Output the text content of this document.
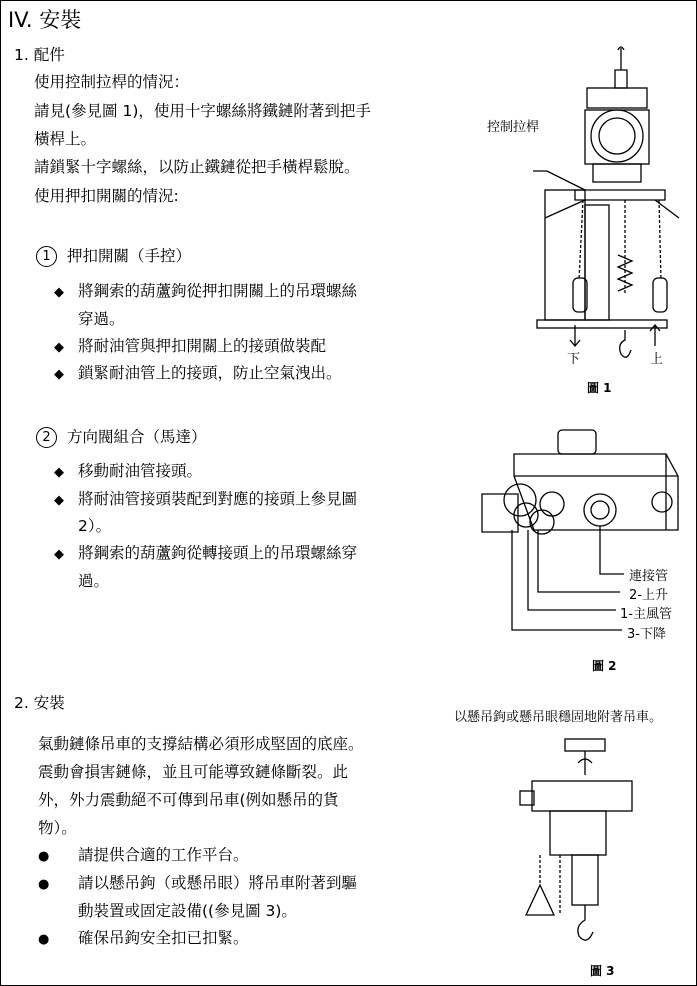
IV. 安裝
1. 配件
使用控制拉桿的情況：
請見(參見圖 1)，使用十字螺絲將鐵鏈附著到把手
橫桿上。
請鎖緊十字螺絲，以防止鐵鏈從把手橫桿鬆脫。
使用押扣開關的情況:
1 押扣開關（手控）
◆ 將鋼索的葫蘆鉤從押扣開關上的吊環螺絲
穿過。
◆ 將耐油管與押扣開關上的接頭做裝配
◆ 鎖緊耐油管上的接頭，防止空氣洩出。
2 方向閥組合（馬達）
◆ 移動耐油管接頭。
◆ 將耐油管接頭裝配到對應的接頭上參見圖
2）。
◆ 將鋼索的葫蘆鉤從轉接頭上的吊環螺絲穿
過。
2. 安裝
氣動鏈條吊車的支撐結構必須形成堅固的底座。
震動會損害鏈條，並且可能導致鏈條斷裂。此
外，外力震動絕不可傳到吊車(例如懸吊的貨
物）。
● 請提供合適的工作平台。
● 請以懸吊鉤（或懸吊眼）將吊車附著到驅
動裝置或固定設備((參見圖 3)。
● 確保吊鉤安全扣已扣緊。
控制拉桿
下	上
圖 1
連接管
2-上升
1-主風管
3-下降
圖 2
以懸吊鉤或懸吊眼穩固地附著吊車。
圖 3
